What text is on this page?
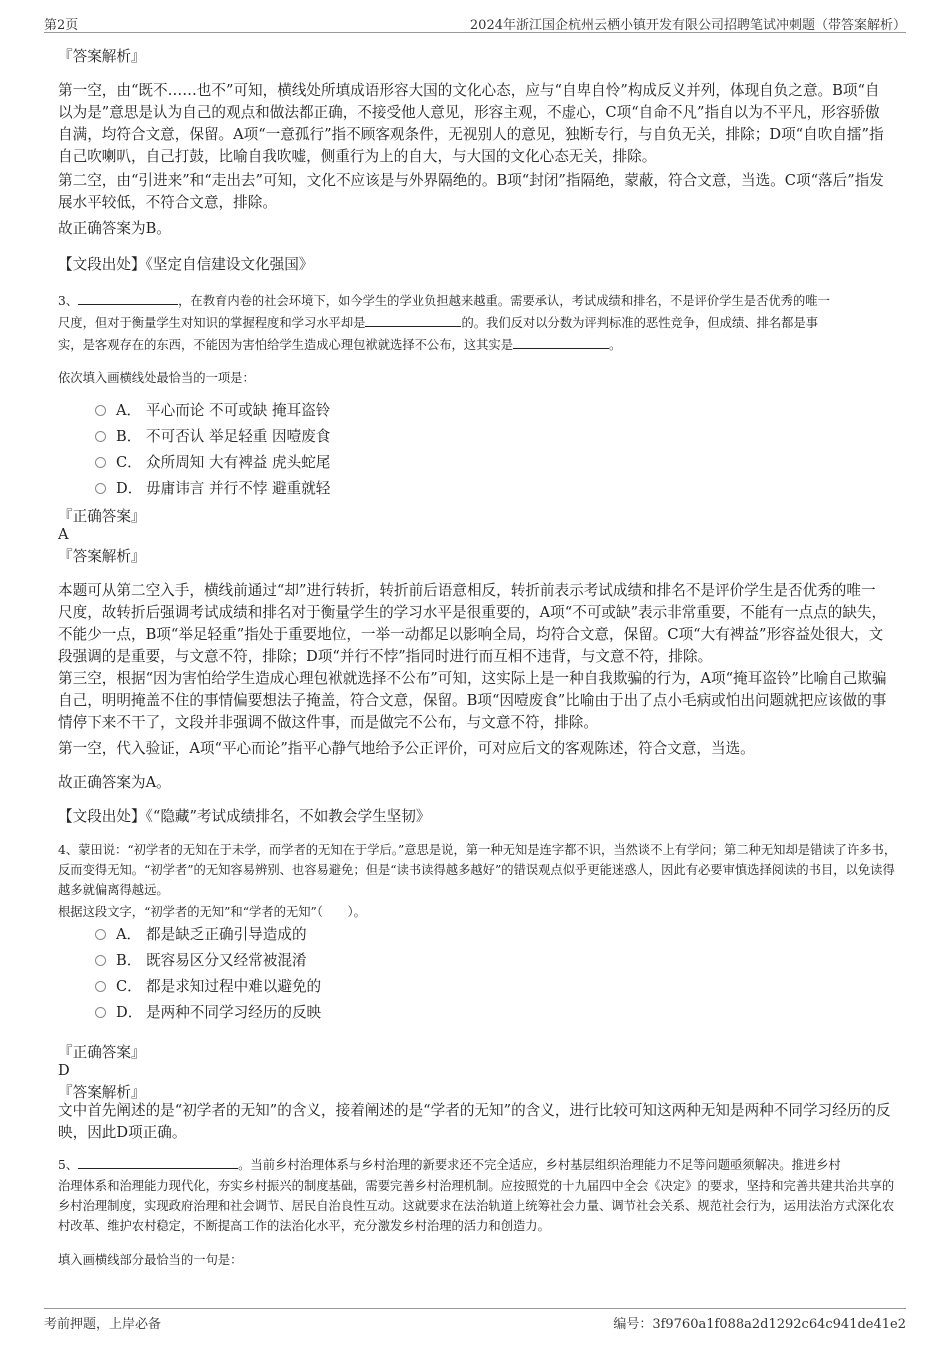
第2页	2024年浙江国企杭州云栖小镇开发有限公司招聘笔试冲刺题（带答案解析）
『答案解析』
第一空，由“既不……也不”可知，横线处所填成语形容大国的文化心态，应与“自卑自怜”构成反义并列，体现自负之意。B项“自以为是”意思是认为自己的观点和做法都正确，不接受他人意见，形容主观，不虚心，C项“自命不凡”指自以为不平凡，形容骄傲自满，均符合文意，保留。A项“一意孤行”指不顾客观条件，无视别人的意见，独断专行，与自负无关，排除；D项“自吹自擂”指自己吹喇叭，自己打鼓，比喻自我吹嘘，侧重行为上的自大，与大国的文化心态无关，排除。
第二空，由“引进来”和“走出去”可知，文化不应该是与外界隔绝的。B项“封闭”指隔绝，蒙蔽，符合文意，当选。C项“落后”指发展水平较低，不符合文意，排除。
故正确答案为B。
【文段出处】《坚定自信建设文化强国》
3、	，在教育内卷的社会环境下，如今学生的学业负担越来越重。需要承认，考试成绩和排名，不是评价学生是否优秀的唯一
尺度，但对于衡量学生对知识的掌握程度和学习水平却是	的。我们反对以分数为评判标准的恶性竞争，但成绩、排名都是事
实，是客观存在的东西，不能因为害怕给学生造成心理包袱就选择不公布，这其实是	。
依次填入画横线处最恰当的一项是：
A． 平心而论 不可或缺 掩耳盗铃
B． 不可否认 举足轻重 因噎废食
C． 众所周知 大有裨益 虎头蛇尾
D． 毋庸讳言 并行不悖 避重就轻
『正确答案』
A
『答案解析』
本题可从第二空入手，横线前通过“却”进行转折，转折前后语意相反，转折前表示考试成绩和排名不是评价学生是否优秀的唯一尺度，故转折后强调考试成绩和排名对于衡量学生的学习水平是很重要的，A项“不可或缺”表示非常重要，不能有一点点的缺失，不能少一点，B项“举足轻重”指处于重要地位，一举一动都足以影响全局，均符合文意，保留。C项“大有裨益”形容益处很大，文段强调的是重要，与文意不符，排除；D项“并行不悖”指同时进行而互相不违背，与文意不符，排除。
第三空，根据“因为害怕给学生造成心理包袱就选择不公布”可知，这实际上是一种自我欺骗的行为，A项“掩耳盗铃”比喻自己欺骗自己，明明掩盖不住的事情偏要想法子掩盖，符合文意，保留。B项“因噎废食”比喻由于出了点小毛病或怕出问题就把应该做的事情停下来不干了，文段并非强调不做这件事，而是做完不公布，与文意不符，排除。
第一空，代入验证，A项“平心而论”指平心静气地给予公正评价，可对应后文的客观陈述，符合文意，当选。
故正确答案为A。
【文段出处】《“隐藏”考试成绩排名，不如教会学生坚韧》
4、蒙田说：“初学者的无知在于未学，而学者的无知在于学后。”意思是说，第一种无知是连字都不识，当然谈不上有学问；第二种无知却是错读了许多书，反而变得无知。“初学者”的无知容易辨别、也容易避免；但是“读书读得越多越好”的错误观点似乎更能迷惑人，因此有必要审慎选择阅读的书目，以免读得越多就偏离得越远。
根据这段文字，“初学者的无知”和“学者的无知”（　　）。
A． 都是缺乏正确引导造成的
B． 既容易区分又经常被混淆
C． 都是求知过程中难以避免的
D． 是两种不同学习经历的反映
『正确答案』
D
『答案解析』
文中首先阐述的是“初学者的无知”的含义，接着阐述的是“学者的无知”的含义，进行比较可知这两种无知是两种不同学习经历的反映，因此D项正确。
5、	。当前乡村治理体系与乡村治理的新要求还不完全适应，乡村基层组织治理能力不足等问题亟须解决。推进乡村
治理体系和治理能力现代化，夯实乡村振兴的制度基础，需要完善乡村治理机制。应按照党的十九届四中全会《决定》的要求，坚持和完善共建共治共享的乡村治理制度，实现政府治理和社会调节、居民自治良性互动。这就要求在法治轨道上统筹社会力量、调节社会关系、规范社会行为，运用法治方式深化农村改革、维护农村稳定，不断提高工作的法治化水平，充分激发乡村治理的活力和创造力。
填入画横线部分最恰当的一句是：
考前押题，上岸必备	编号：3f9760a1f088a2d1292c64c941de41e2
